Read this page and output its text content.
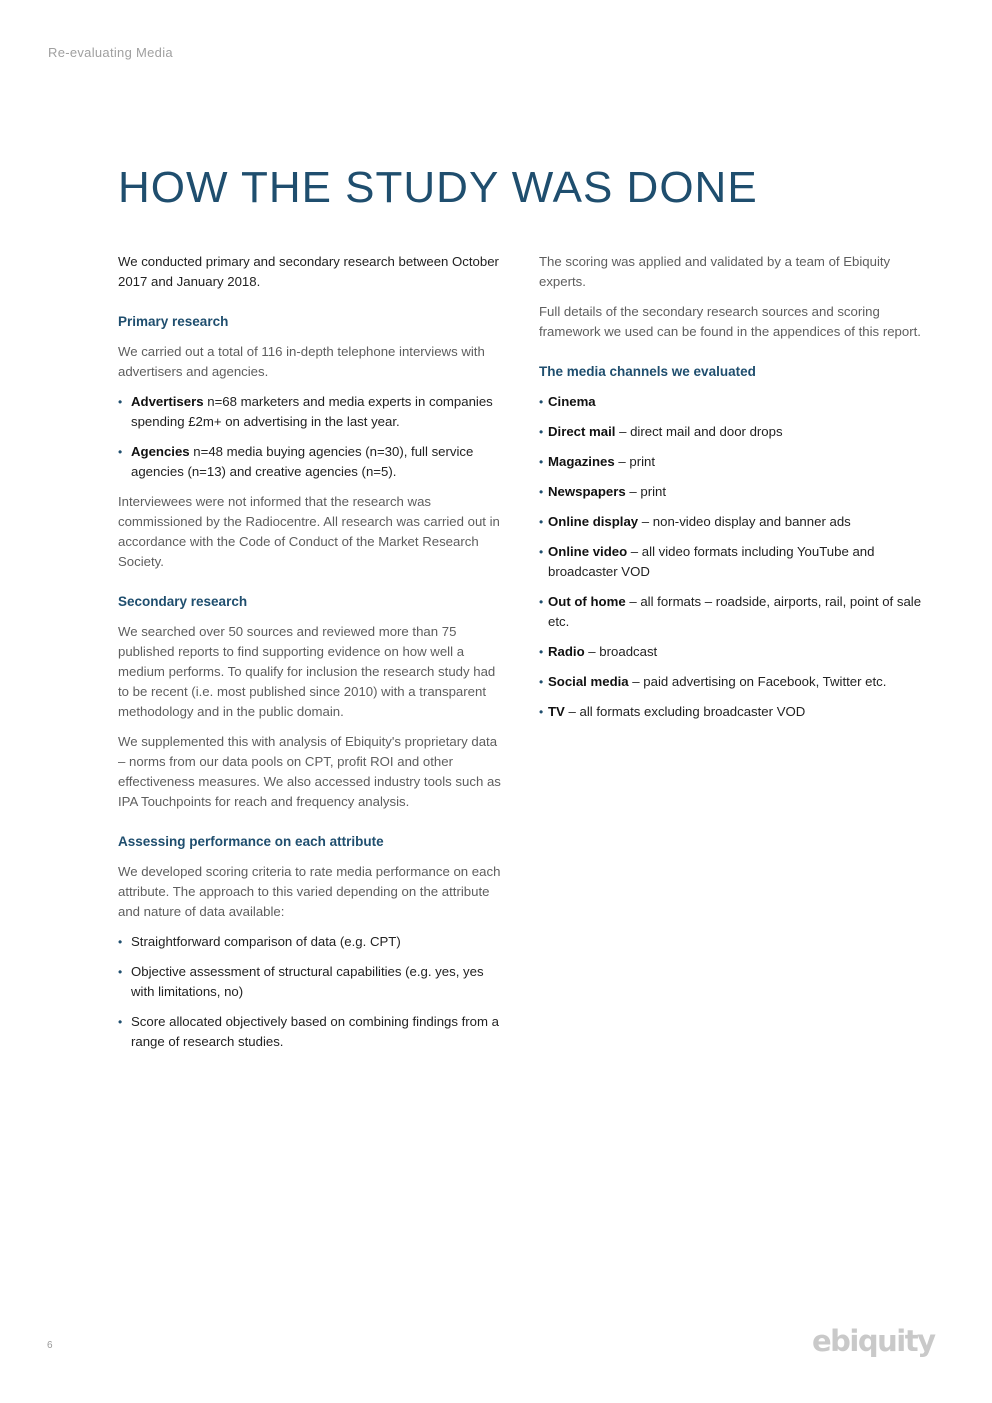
Re-evaluating Media
HOW THE STUDY WAS DONE

We conducted primary and secondary research between October 2017 and January 2018.

Primary research

We carried out a total of 116 in-depth telephone interviews with advertisers and agencies.

• Advertisers n=68 marketers and media experts in companies spending £2m+ on advertising in the last year.
• Agencies n=48 media buying agencies (n=30), full service agencies (n=13) and creative agencies (n=5).

Interviewees were not informed that the research was commissioned by the Radiocentre. All research was carried out in accordance with the Code of Conduct of the Market Research Society.

Secondary research

We searched over 50 sources and reviewed more than 75 published reports to find supporting evidence on how well a medium performs. To qualify for inclusion the research study had to be recent (i.e. most published since 2010) with a transparent methodology and in the public domain.

We supplemented this with analysis of Ebiquity's proprietary data – norms from our data pools on CPT, profit ROI and other effectiveness measures. We also accessed industry tools such as IPA Touchpoints for reach and frequency analysis.

Assessing performance on each attribute

We developed scoring criteria to rate media performance on each attribute. The approach to this varied depending on the attribute and nature of data available:

• Straightforward comparison of data (e.g. CPT)
• Objective assessment of structural capabilities (e.g. yes, yes with limitations, no)
• Score allocated objectively based on combining findings from a range of research studies.

The scoring was applied and validated by a team of Ebiquity experts.

Full details of the secondary research sources and scoring framework we used can be found in the appendices of this report.

The media channels we evaluated
• Cinema
• Direct mail – direct mail and door drops
• Magazines – print
• Newspapers – print
• Online display – non-video display and banner ads
• Online video – all video formats including YouTube and broadcaster VOD
• Out of home – all formats – roadside, airports, rail, point of sale etc.
• Radio – broadcast
• Social media – paid advertising on Facebook, Twitter etc.
• TV – all formats excluding broadcaster VOD
6	ebiquity
